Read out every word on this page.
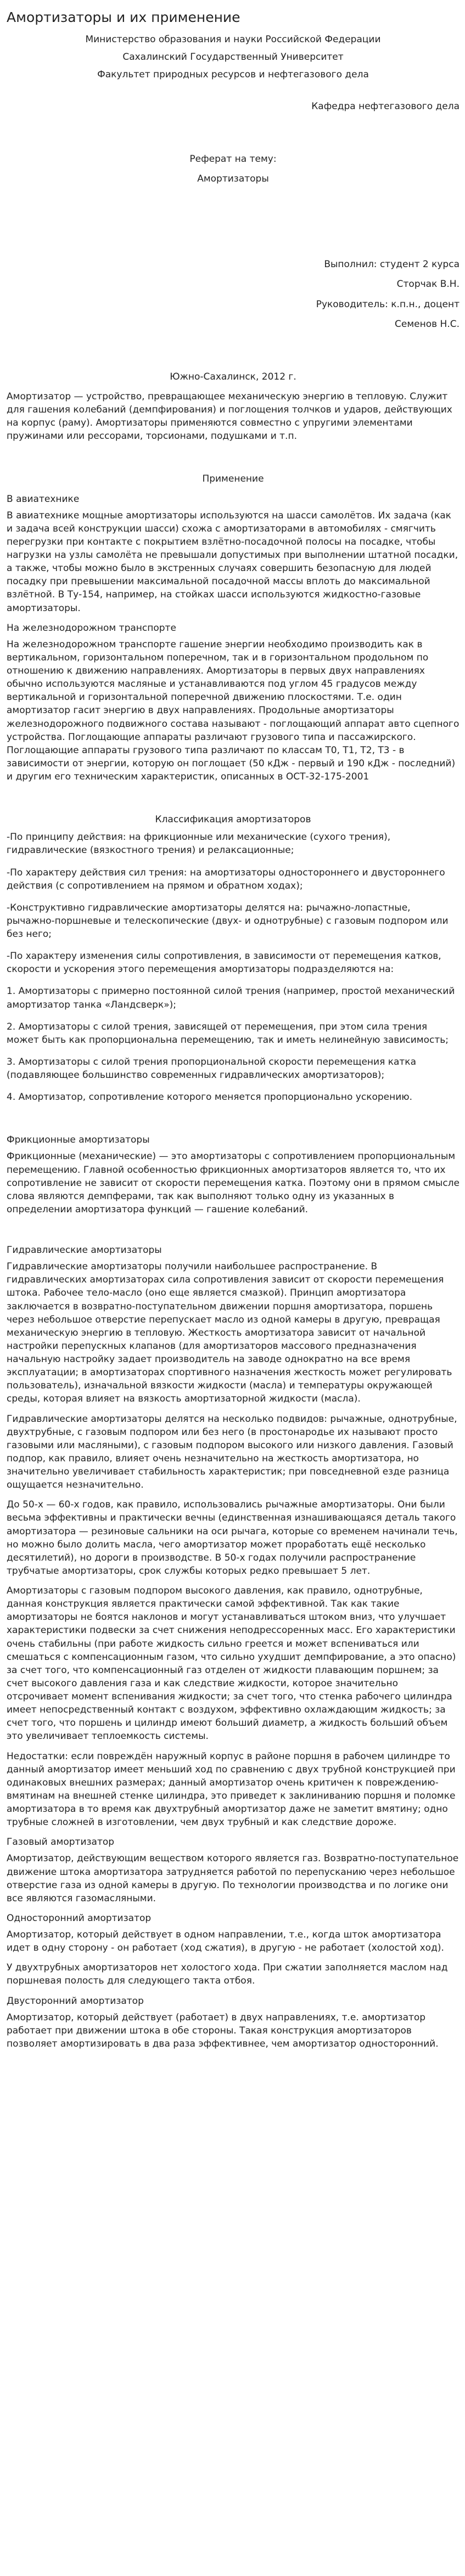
Амортизаторы и их применение

Министерство образования и науки Российской Федерации

Сахалинский Государственный Университет

Факультет природных ресурсов и нефтегазового дела

Кафедра нефтегазового дела

Реферат на тему:

Амортизаторы

Выполнил: студент 2 курса

Сторчак В.Н.

Руководитель: к.п.н., доцент

Семенов Н.С.

Южно-Сахалинск, 2012 г.

Амортизатор — устройство, превращающее механическую энергию в тепловую. Служит для гашения колебаний (демпфирования) и поглощения толчков и ударов, действующих на корпус (раму). Амортизаторы применяются совместно с упругими элементами пружинами или рессорами, торсионами, подушками и т.п.

Применение

В авиатехнике

В авиатехнике мощные амортизаторы используются на шасси самолётов. Их задача (как и задача всей конструкции шасси) схожа с амортизаторами в автомобилях - смягчить перегрузки при контакте с покрытием взлётно-посадочной полосы на посадке, чтобы нагрузки на узлы самолёта не превышали допустимых при выполнении штатной посадки, а также, чтобы можно было в экстренных случаях совершить безопасную для людей посадку при превышении максимальной посадочной массы вплоть до максимальной взлётной. В Ту-154, например, на стойках шасси используются жидкостно-газовые амортизаторы.

На железнодорожном транспорте

На железнодорожном транспорте гашение энергии необходимо производить как в вертикальном, горизонтальном поперечном, так и в горизонтальном продольном по отношению к движению направлениях. Амортизаторы в первых двух направлениях обычно используются масляные и устанавливаются под углом 45 градусов между вертикальной и горизонтальной поперечной движению плоскостями. Т.е. один амортизатор гасит энергию в двух направлениях. Продольные амортизаторы железнодорожного подвижного состава называют - поглощающий аппарат авто сцепного устройства. Поглощающие аппараты различают грузового типа и пассажирского. Поглощающие аппараты грузового типа различают по классам Т0, Т1, Т2, Т3 - в зависимости от энергии, которую он поглощает (50 кДж - первый и 190 кДж - последний) и другим его техническим характеристик, описанных в ОСТ-32-175-2001

Классификация амортизаторов

-По принципу действия: на фрикционные или механические (сухого трения), гидравлические (вязкостного трения) и релаксационные;

-По характеру действия сил трения: на амортизаторы одностороннего и двустороннего действия (с сопротивлением на прямом и обратном ходах);

-Конструктивно гидравлические амортизаторы делятся на: рычажно-лопастные, рычажно-поршневые и телескопические (двух- и однотрубные) с газовым подпором или без него;

-По характеру изменения силы сопротивления, в зависимости от перемещения катков, скорости и ускорения этого перемещения амортизаторы подразделяются на:

1. Амортизаторы с примерно постоянной силой трения (например, простой механический амортизатор танка «Ландсверк»);

2. Амортизаторы с силой трения, зависящей от перемещения, при этом сила трения может быть как пропорциональна перемещению, так и иметь нелинейную зависимость;

3. Амортизаторы с силой трения пропорциональной скорости перемещения катка (подавляющее большинство современных гидравлических амортизаторов);

4. Амортизатор, сопротивление которого меняется пропорционально ускорению.

Фрикционные амортизаторы

Фрикционные (механические) — это амортизаторы с сопротивлением пропорциональным перемещению. Главной особенностью фрикционных амортизаторов является то, что их сопротивление не зависит от скорости перемещения катка. Поэтому они в прямом смысле слова являются демпферами, так как выполняют только одну из указанных в определении амортизатора функций — гашение колебаний.

Гидравлические амортизаторы

Гидравлические амортизаторы получили наибольшее распространение. В гидравлических амортизаторах сила сопротивления зависит от скорости перемещения штока. Рабочее тело-масло (оно еще является смазкой). Принцип амортизатора заключается в возвратно-поступательном движении поршня амортизатора, поршень через небольшое отверстие перепускает масло из одной камеры в другую, превращая механическую энергию в тепловую. Жесткость амортизатора зависит от начальной настройки перепускных клапанов (для амортизаторов массового предназначения начальную настройку задает производитель на заводе однократно на все время эксплуатации; в амортизаторах спортивного назначения жесткость может регулировать пользователь), изначальной вязкости жидкости (масла) и температуры окружающей среды, которая влияет на вязкость амортизаторной жидкости (масла).

Гидравлические амортизаторы делятся на несколько подвидов: рычажные, однотрубные, двухтрубные, с газовым подпором или без него (в простонародье их называют просто газовыми или масляными), с газовым подпором высокого или низкого давления. Газовый подпор, как правило, влияет очень незначительно на жесткость амортизатора, но значительно увеличивает стабильность характеристик; при повседневной езде разница ощущается незначительно.

До 50-х — 60-х годов, как правило, использовались рычажные амортизаторы. Они были весьма эффективны и практически вечны (единственная изнашивающаяся деталь такого амортизатора — резиновые сальники на оси рычага, которые со временем начинали течь, но можно было долить масла, чего амортизатор может проработать ещё несколько десятилетий), но дороги в производстве. В 50-х годах получили распространение трубчатые амортизаторы, срок службы которых редко превышает 5 лет.

Амортизаторы с газовым подпором высокого давления, как правило, однотрубные, данная конструкция является практически самой эффективной. Так как такие амортизаторы не боятся наклонов и могут устанавливаться штоком вниз, что улучшает характеристики подвески за счет снижения неподрессоренных масс. Его характеристики очень стабильны (при работе жидкость сильно греется и может вспениваться или смешаться с компенсационным газом, что сильно ухудшит демпфирование, а это опасно) за счет того, что компенсационный газ отделен от жидкости плавающим поршнем; за счет высокого давления газа и как следствие жидкости, которое значительно отсрочивает момент вспенивания жидкости; за счет того, что стенка рабочего цилиндра имеет непосредственный контакт с воздухом, эффективно охлаждающим жидкость; за счет того, что поршень и цилиндр имеют больший диаметр, а жидкость больший объем это увеличивает теплоемкость системы.

Недостатки: если повреждён наружный корпус в районе поршня в рабочем цилиндре то данный амортизатор имеет меньший ход по сравнению с двух трубной конструкцией при одинаковых внешних размерах; данный амортизатор очень критичен к повреждению-вмятинам на внешней стенке цилиндра, это приведет к заклиниванию поршня и поломке амортизатора в то время как двухтрубный амортизатор даже не заметит вмятину; одно трубные сложней в изготовлении, чем двух трубный и как следствие дороже.

Газовый амортизатор

Амортизатор, действующим веществом которого является газ. Возвратно-поступательное движение штока амортизатора затрудняется работой по перепусканию через небольшое отверстие газа из одной камеры в другую. По технологии производства и по логике они все являются газомасляными.

Односторонний амортизатор

Амортизатор, который действует в одном направлении, т.е., когда шток амортизатора идет в одну сторону - он работает (ход сжатия), в другую - не работает (холостой ход).

У двухтрубных амортизаторов нет холостого хода. При сжатии заполняется маслом над поршневая полость для следующего такта отбоя.

Двусторонний амортизатор

Амортизатор, который действует (работает) в двух направлениях, т.е. амортизатор работает при движении штока в обе стороны. Такая конструкция амортизаторов позволяет амортизировать в два раза эффективнее, чем амортизатор односторонний.
